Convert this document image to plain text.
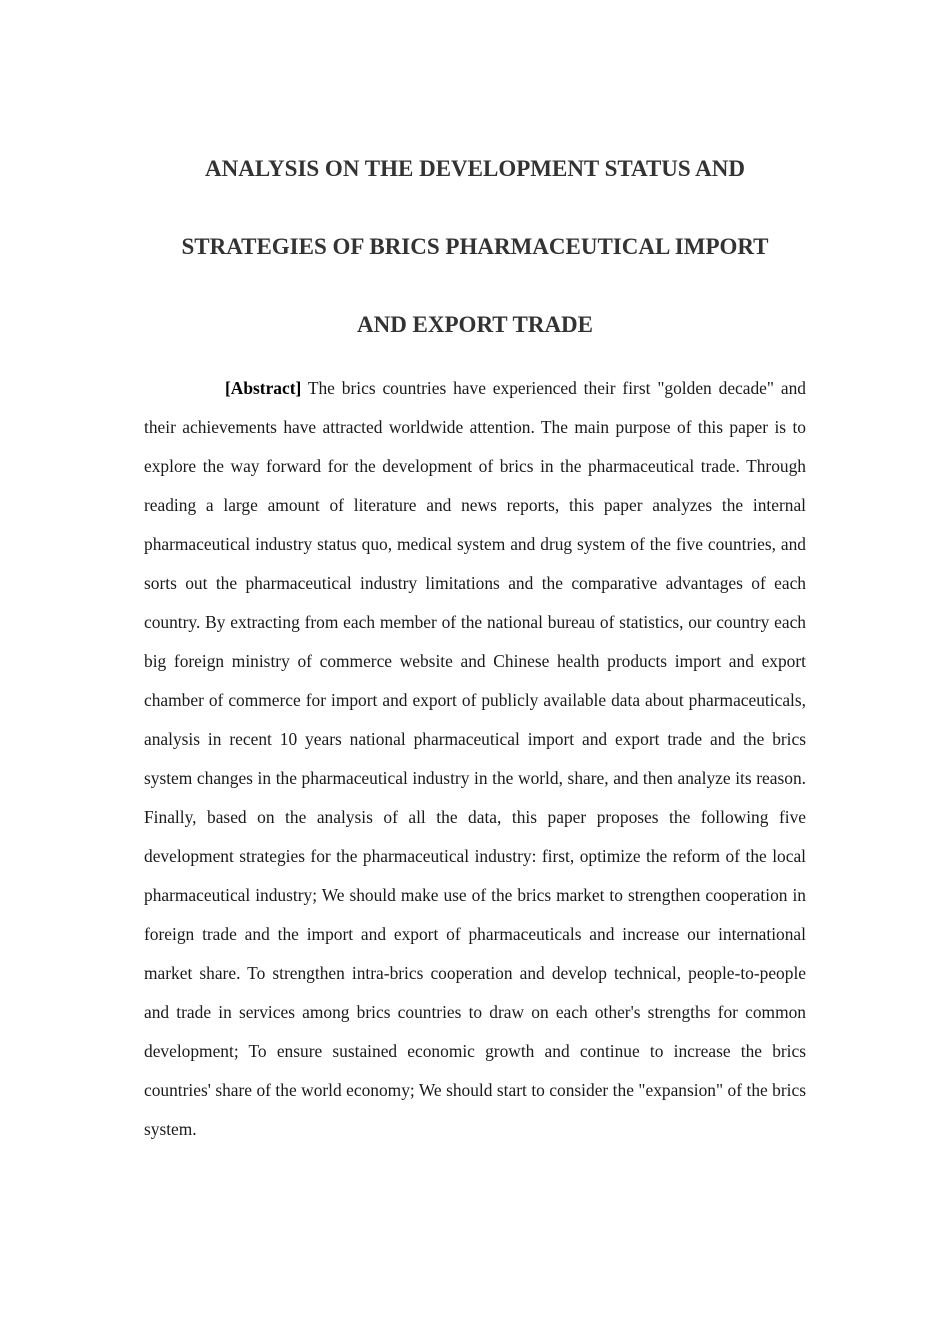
ANALYSIS ON THE DEVELOPMENT STATUS AND
STRATEGIES OF BRICS PHARMACEUTICAL IMPORT
AND EXPORT TRADE

[Abstract] The brics countries have experienced their first "golden decade" and their achievements have attracted worldwide attention. The main purpose of this paper is to explore the way forward for the development of brics in the pharmaceutical trade. Through reading a large amount of literature and news reports, this paper analyzes the internal pharmaceutical industry status quo, medical system and drug system of the five countries, and sorts out the pharmaceutical industry limitations and the comparative advantages of each country. By extracting from each member of the national bureau of statistics, our country each big foreign ministry of commerce website and Chinese health products import and export chamber of commerce for import and export of publicly available data about pharmaceuticals, analysis in recent 10 years national pharmaceutical import and export trade and the brics system changes in the pharmaceutical industry in the world, share, and then analyze its reason. Finally, based on the analysis of all the data, this paper proposes the following five development strategies for the pharmaceutical industry: first, optimize the reform of the local pharmaceutical industry; We should make use of the brics market to strengthen cooperation in foreign trade and the import and export of pharmaceuticals and increase our international market share. To strengthen intra-brics cooperation and develop technical, people-to-people and trade in services among brics countries to draw on each other's strengths for common development; To ensure sustained economic growth and continue to increase the brics countries' share of the world economy; We should start to consider the "expansion" of the brics system.
